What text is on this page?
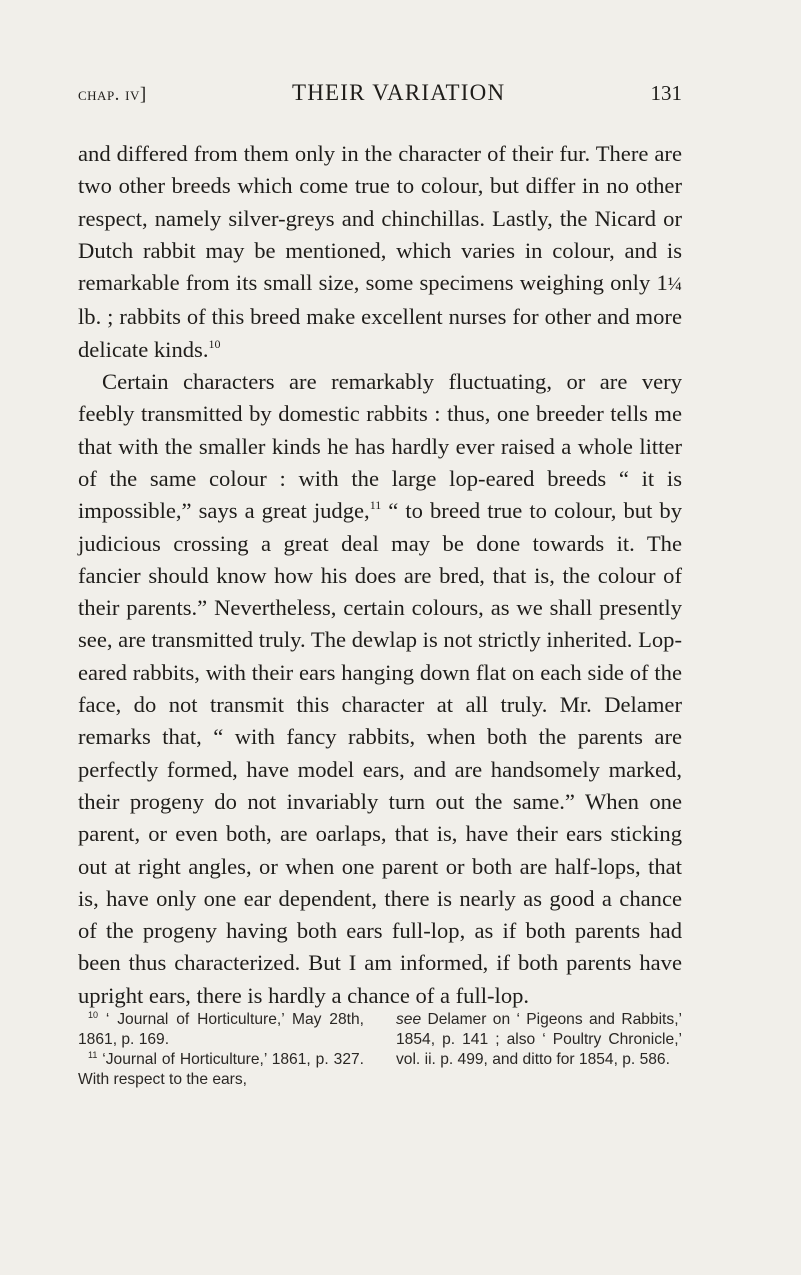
chap. iv]	THEIR VARIATION	131

and differed from them only in the character of their fur. There are two other breeds which come true to colour, but differ in no other respect, namely silver-greys and chinchillas. Lastly, the Nicard or Dutch rabbit may be mentioned, which varies in colour, and is remarkable from its small size, some specimens weighing only 1¼ lb. ; rabbits of this breed make excellent nurses for other and more delicate kinds.$^{10}$

Certain characters are remarkably fluctuating, or are very feebly transmitted by domestic rabbits : thus, one breeder tells me that with the smaller kinds he has hardly ever raised a whole litter of the same colour : with the large lop-eared breeds “ it is impossible,” says a great judge,$^{11}$ “ to breed true to colour, but by judicious crossing a great deal may be done towards it. The fancier should know how his does are bred, that is, the colour of their parents.” Nevertheless, certain colours, as we shall presently see, are transmitted truly. The dewlap is not strictly inherited. Lop-eared rabbits, with their ears hanging down flat on each side of the face, do not transmit this character at all truly. Mr. Delamer remarks that, “ with fancy rabbits, when both the parents are perfectly formed, have model ears, and are handsomely marked, their progeny do not invariably turn out the same.” When one parent, or even both, are oarlaps, that is, have their ears sticking out at right angles, or when one parent or both are half-lops, that is, have only one ear dependent, there is nearly as good a chance of the progeny having both ears full-lop, as if both parents had been thus characterized. But I am informed, if both parents have upright ears, there is hardly a chance of a full-lop.

$^{10}$ ‘ Journal of Horticulture,’ May 28th, 1861, p. 169.

$^{11}$ ‘Journal of Horticulture,’ 1861, p. 327. With respect to the ears,

see Delamer on ‘ Pigeons and Rabbits,’ 1854, p. 141 ; also ‘ Poultry Chronicle,’ vol. ii. p. 499, and ditto for 1854, p. 586.
